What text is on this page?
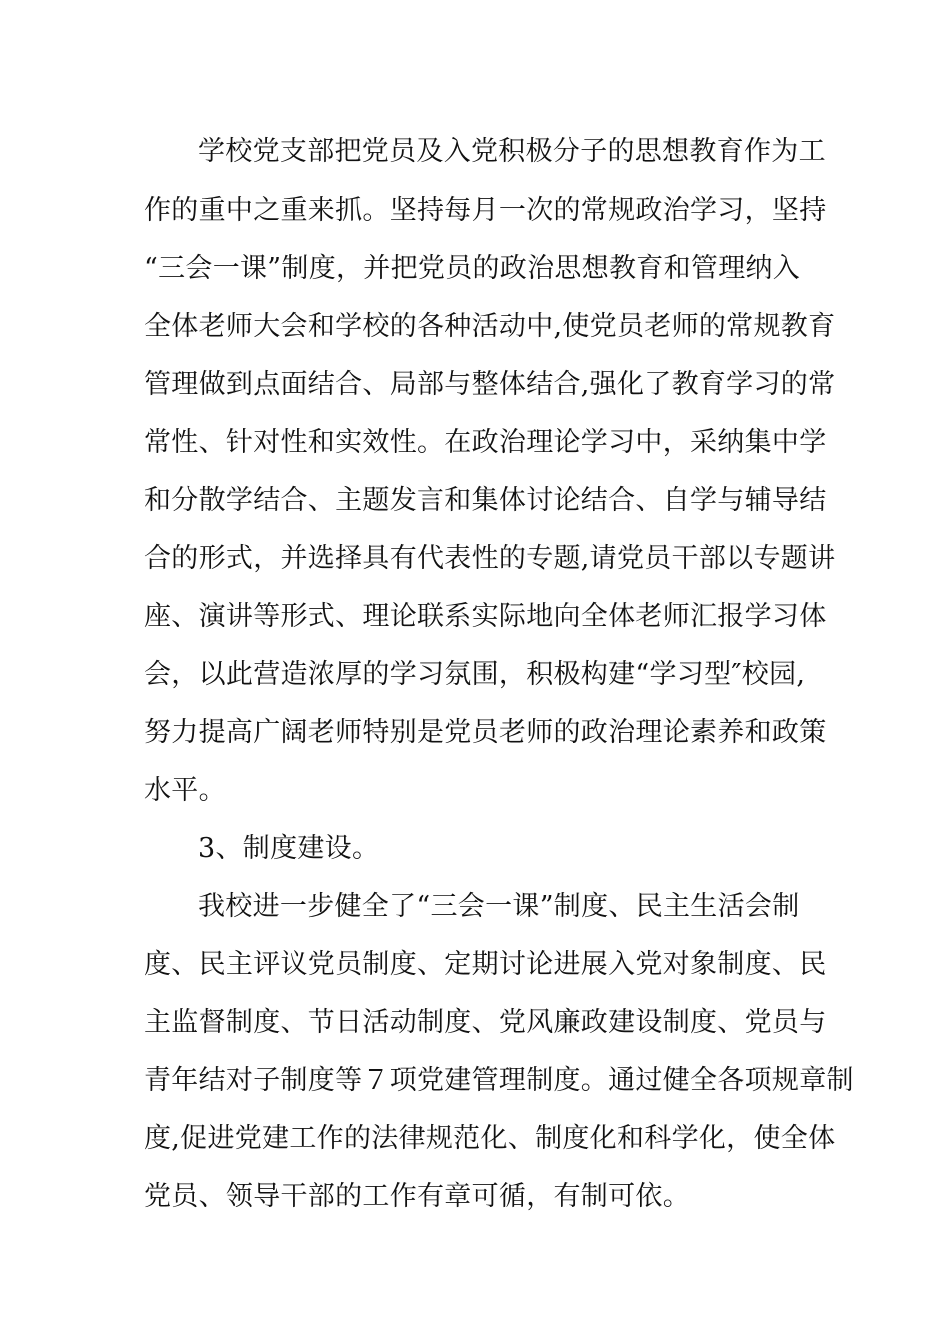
学校党支部把党员及入党积极分子的思想教育作为工
作的重中之重来抓。坚持每月一次的常规政治学习，坚持
“三会一课”制度，并把党员的政治思想教育和管理纳入
全体老师大会和学校的各种活动中,使党员老师的常规教育
管理做到点面结合、局部与整体结合,强化了教育学习的常
常性、针对性和实效性。在政治理论学习中，采纳集中学
和分散学结合、主题发言和集体讨论结合、自学与辅导结
合的形式，并选择具有代表性的专题,请党员干部以专题讲
座、演讲等形式、理论联系实际地向全体老师汇报学习体
会，以此营造浓厚的学习氛围，积极构建“学习型″校园,
努力提高广阔老师特别是党员老师的政治理论素养和政策
水平。
3、制度建设。
我校进一步健全了“三会一课”制度、民主生活会制
度、民主评议党员制度、定期讨论进展入党对象制度、民
主监督制度、节日活动制度、党风廉政建设制度、党员与
青年结对子制度等７项党建管理制度。通过健全各项规章制
度,促进党建工作的法律规范化、制度化和科学化，使全体
党员、领导干部的工作有章可循，有制可依。
